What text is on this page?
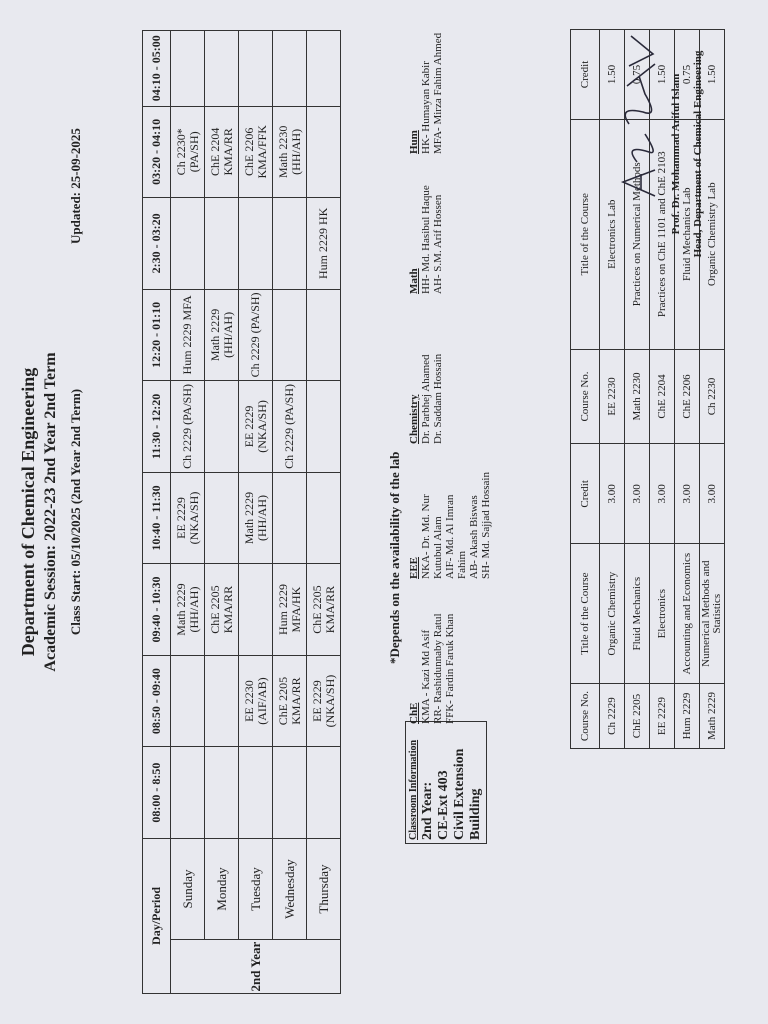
Department of Chemical Engineering Academic Session: 2022-23 2nd Year 2nd Term Class Start: 05/10/2025 (2nd Year 2nd Term)
Updated: 25-09-2025
Day/Period		08:00 - 8:50	08:50 - 09:40	09:40 - 10:30	10:40 - 11:30	11:30 - 12:20	12:20 - 01:10	2:30 - 03:20	03:20 - 04:10	04:10 - 05:00
2nd Year	Sunday			Math 2229 (HH/AH)	EE 2229 (NKA/SH)	Ch 2229 (PA/SH)	Hum 2229 MFA		Ch 2230* (PA/SH)	
	Monday			ChE 2205 KMA/RR			Math 2229 (HH/AH)		ChE 2204 KMA/RR	
	Tuesday		EE 2230 (AIF/AB)		Math 2229 (HH/AH)	EE 2229 (NKA/SH)	Ch 2229 (PA/SH)		ChE 2206 KMA/FFK	
	Wednesday		ChE 2205 KMA/RR	Hum 2229 MFA/HK		Ch 2229 (PA/SH)			Math 2230 (HH/AH)	
	Thursday		EE 2229 (NKA/SH)	ChE 2205 KMA/RR				Hum 2229 HK		
*Depends on the availability of the lab
Classroom Information 2nd Year: CE-Ext 403 Civil Extension Building
ChE KMA - Kazi Md Asif RR- Rashidunnaby Ratul FFK- Fardin Faruk Khan
EEE NKA- Dr. Md. Nur Kutubul Alam AIF- Md. Al Imran Fahim AB- Akash Biswas SH- Md. Sajjad Hossain
Chemistry Dr. Parbhej Ahamed Dr. Saddam Hossain
Math HH- Md. Hasibul Haque AH- S.M. Arif Hossen
Hum HK- Humayan Kabir MFA- Mirza Fahim Ahmed
Course No.	Title of the Course	Credit	Course No.	Title of the Course	Credit
Ch 2229	Organic Chemistry	3.00	EE 2230	Electronics Lab	1.50
ChE 2205	Fluid Mechanics	3.00	Math 2230	Practices on Numerical Methods	0.75
EE 2229	Electronics	3.00	ChE 2204	Practices on ChE 1101 and ChE 2103	1.50
Hum 2229	Accounting and Economics	3.00	ChE 2206	Fluid Mechanics Lab	0.75
Math 2229	Numerical Methods and Statistics	3.00	Ch 2230	Organic Chemistry Lab	1.50
Prof. Dr. Mohammad Ariful Islam Head, Department of Chemical Engineering
